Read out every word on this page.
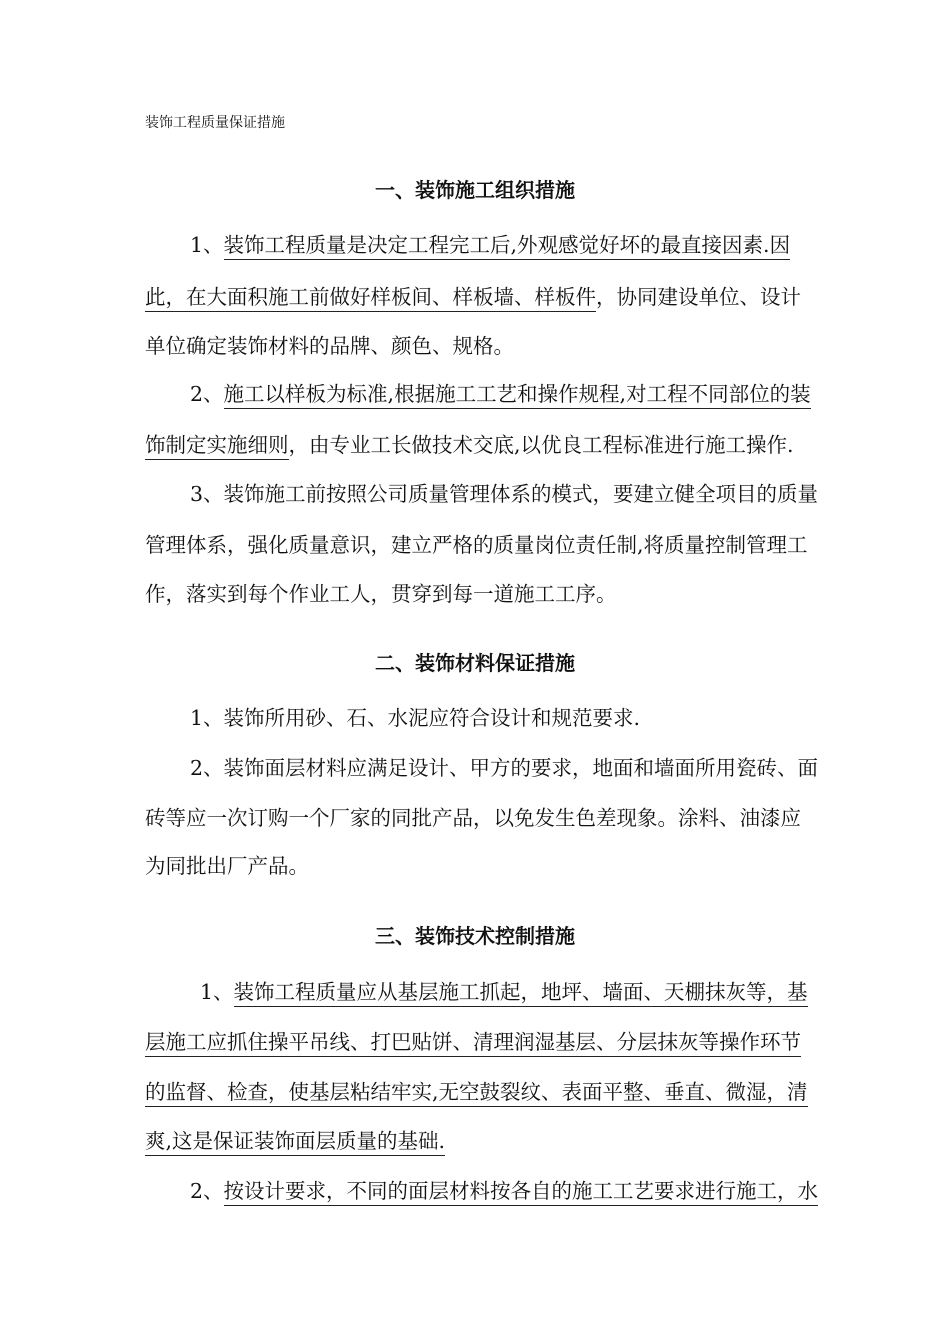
装饰工程质量保证措施
一、装饰施工组织措施
1、装饰工程质量是决定工程完工后,外观感觉好坏的最直接因素.因
此，在大面积施工前做好样板间、样板墙、样板件，协同建设单位、设计
单位确定装饰材料的品牌、颜色、规格。
2、施工以样板为标准,根据施工工艺和操作规程,对工程不同部位的装
饰制定实施细则，由专业工长做技术交底,以优良工程标准进行施工操作.
3、装饰施工前按照公司质量管理体系的模式，要建立健全项目的质量
管理体系，强化质量意识，建立严格的质量岗位责任制,将质量控制管理工
作，落实到每个作业工人，贯穿到每一道施工工序。
二、装饰材料保证措施
1、装饰所用砂、石、水泥应符合设计和规范要求.
2、装饰面层材料应满足设计、甲方的要求，地面和墙面所用瓷砖、面
砖等应一次订购一个厂家的同批产品，以免发生色差现象。涂料、油漆应
为同批出厂产品。
三、装饰技术控制措施
1、装饰工程质量应从基层施工抓起，地坪、墙面、天棚抹灰等，基
层施工应抓住操平吊线、打巴贴饼、清理润湿基层、分层抹灰等操作环节
的监督、检查，使基层粘结牢实,无空鼓裂纹、表面平整、垂直、微湿，清
爽,这是保证装饰面层质量的基础.
2、按设计要求，不同的面层材料按各自的施工工艺要求进行施工，水
